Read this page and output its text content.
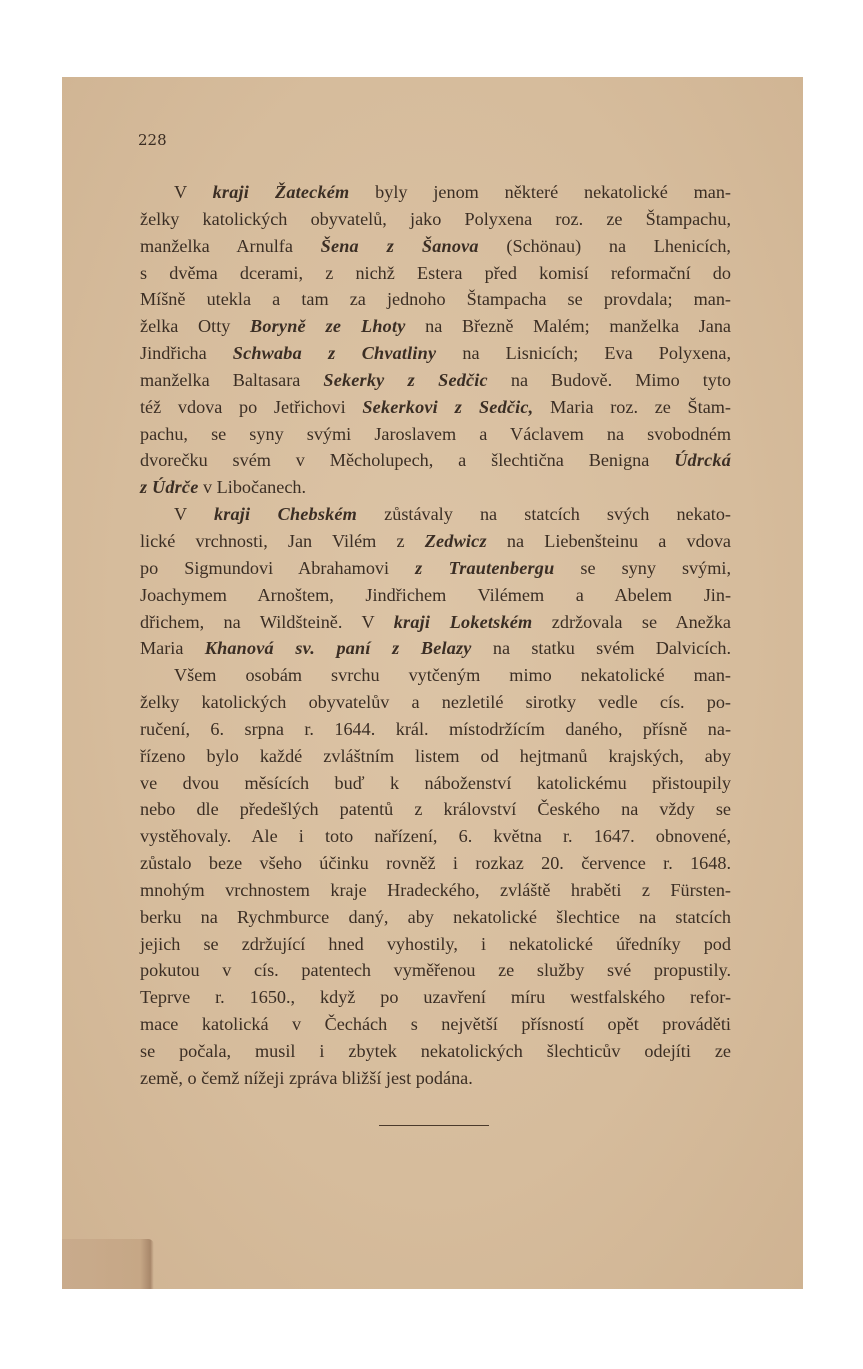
228
V kraji Žateckém byly jenom některé nekatolické man-
želky katolických obyvatelů, jako Polyxena roz. ze Štampachu,
manželka Arnulfa Šena z Šanova (Schönau) na Lhenicích,
s dvěma dcerami, z nichž Estera před komisí reformační do
Míšně utekla a tam za jednoho Štampacha se provdala; man-
želka Otty Boryně ze Lhoty na Březně Malém; manželka Jana
Jindřicha Schwaba z Chvatliny na Lisnicích; Eva Polyxena,
manželka Baltasara Sekerky z Sedčic na Budově. Mimo tyto
též vdova po Jetřichovi Sekerkovi z Sedčic, Maria roz. ze Štam-
pachu, se syny svými Jaroslavem a Václavem na svobodném
dvorečku svém v Měcholupech, a šlechtična Benigna Údrcká
z Údrče v Libočanech.
V kraji Chebském zůstávaly na statcích svých nekato-
lické vrchnosti, Jan Vilém z Zedwicz na Liebenšteinu a vdova
po Sigmundovi Abrahamovi z Trautenbergu se syny svými,
Joachymem Arnoštem, Jindřichem Vilémem a Abelem Jin-
dřichem, na Wildšteině. V kraji Loketském zdržovala se Anežka
Maria Khanová sv. paní z Belazy na statku svém Dalvicích.
Všem osobám svrchu vytčeným mimo nekatolické man-
želky katolických obyvatelův a nezletilé sirotky vedle cís. po-
ručení, 6. srpna r. 1644. král. místodržícím daného, přísně na-
řízeno bylo každé zvláštním listem od hejtmanů krajských, aby
ve dvou měsících buď k náboženství katolickému přistoupily
nebo dle předešlých patentů z království Českého na vždy se
vystěhovaly. Ale i toto nařízení, 6. května r. 1647. obnovené,
zůstalo beze všeho účinku rovněž i rozkaz 20. července r. 1648.
mnohým vrchnostem kraje Hradeckého, zvláště hraběti z Fürsten-
berku na Rychmburce daný, aby nekatolické šlechtice na statcích
jejich se zdržující hned vyhostily, i nekatolické úředníky pod
pokutou v cís. patentech vyměřenou ze služby své propustily.
Teprve r. 1650., když po uzavření míru westfalského refor-
mace katolická v Čechách s největší přísností opět prováděti
se počala, musil i zbytek nekatolických šlechticův odejíti ze
země, o čemž nížeji zpráva bližší jest podána.
